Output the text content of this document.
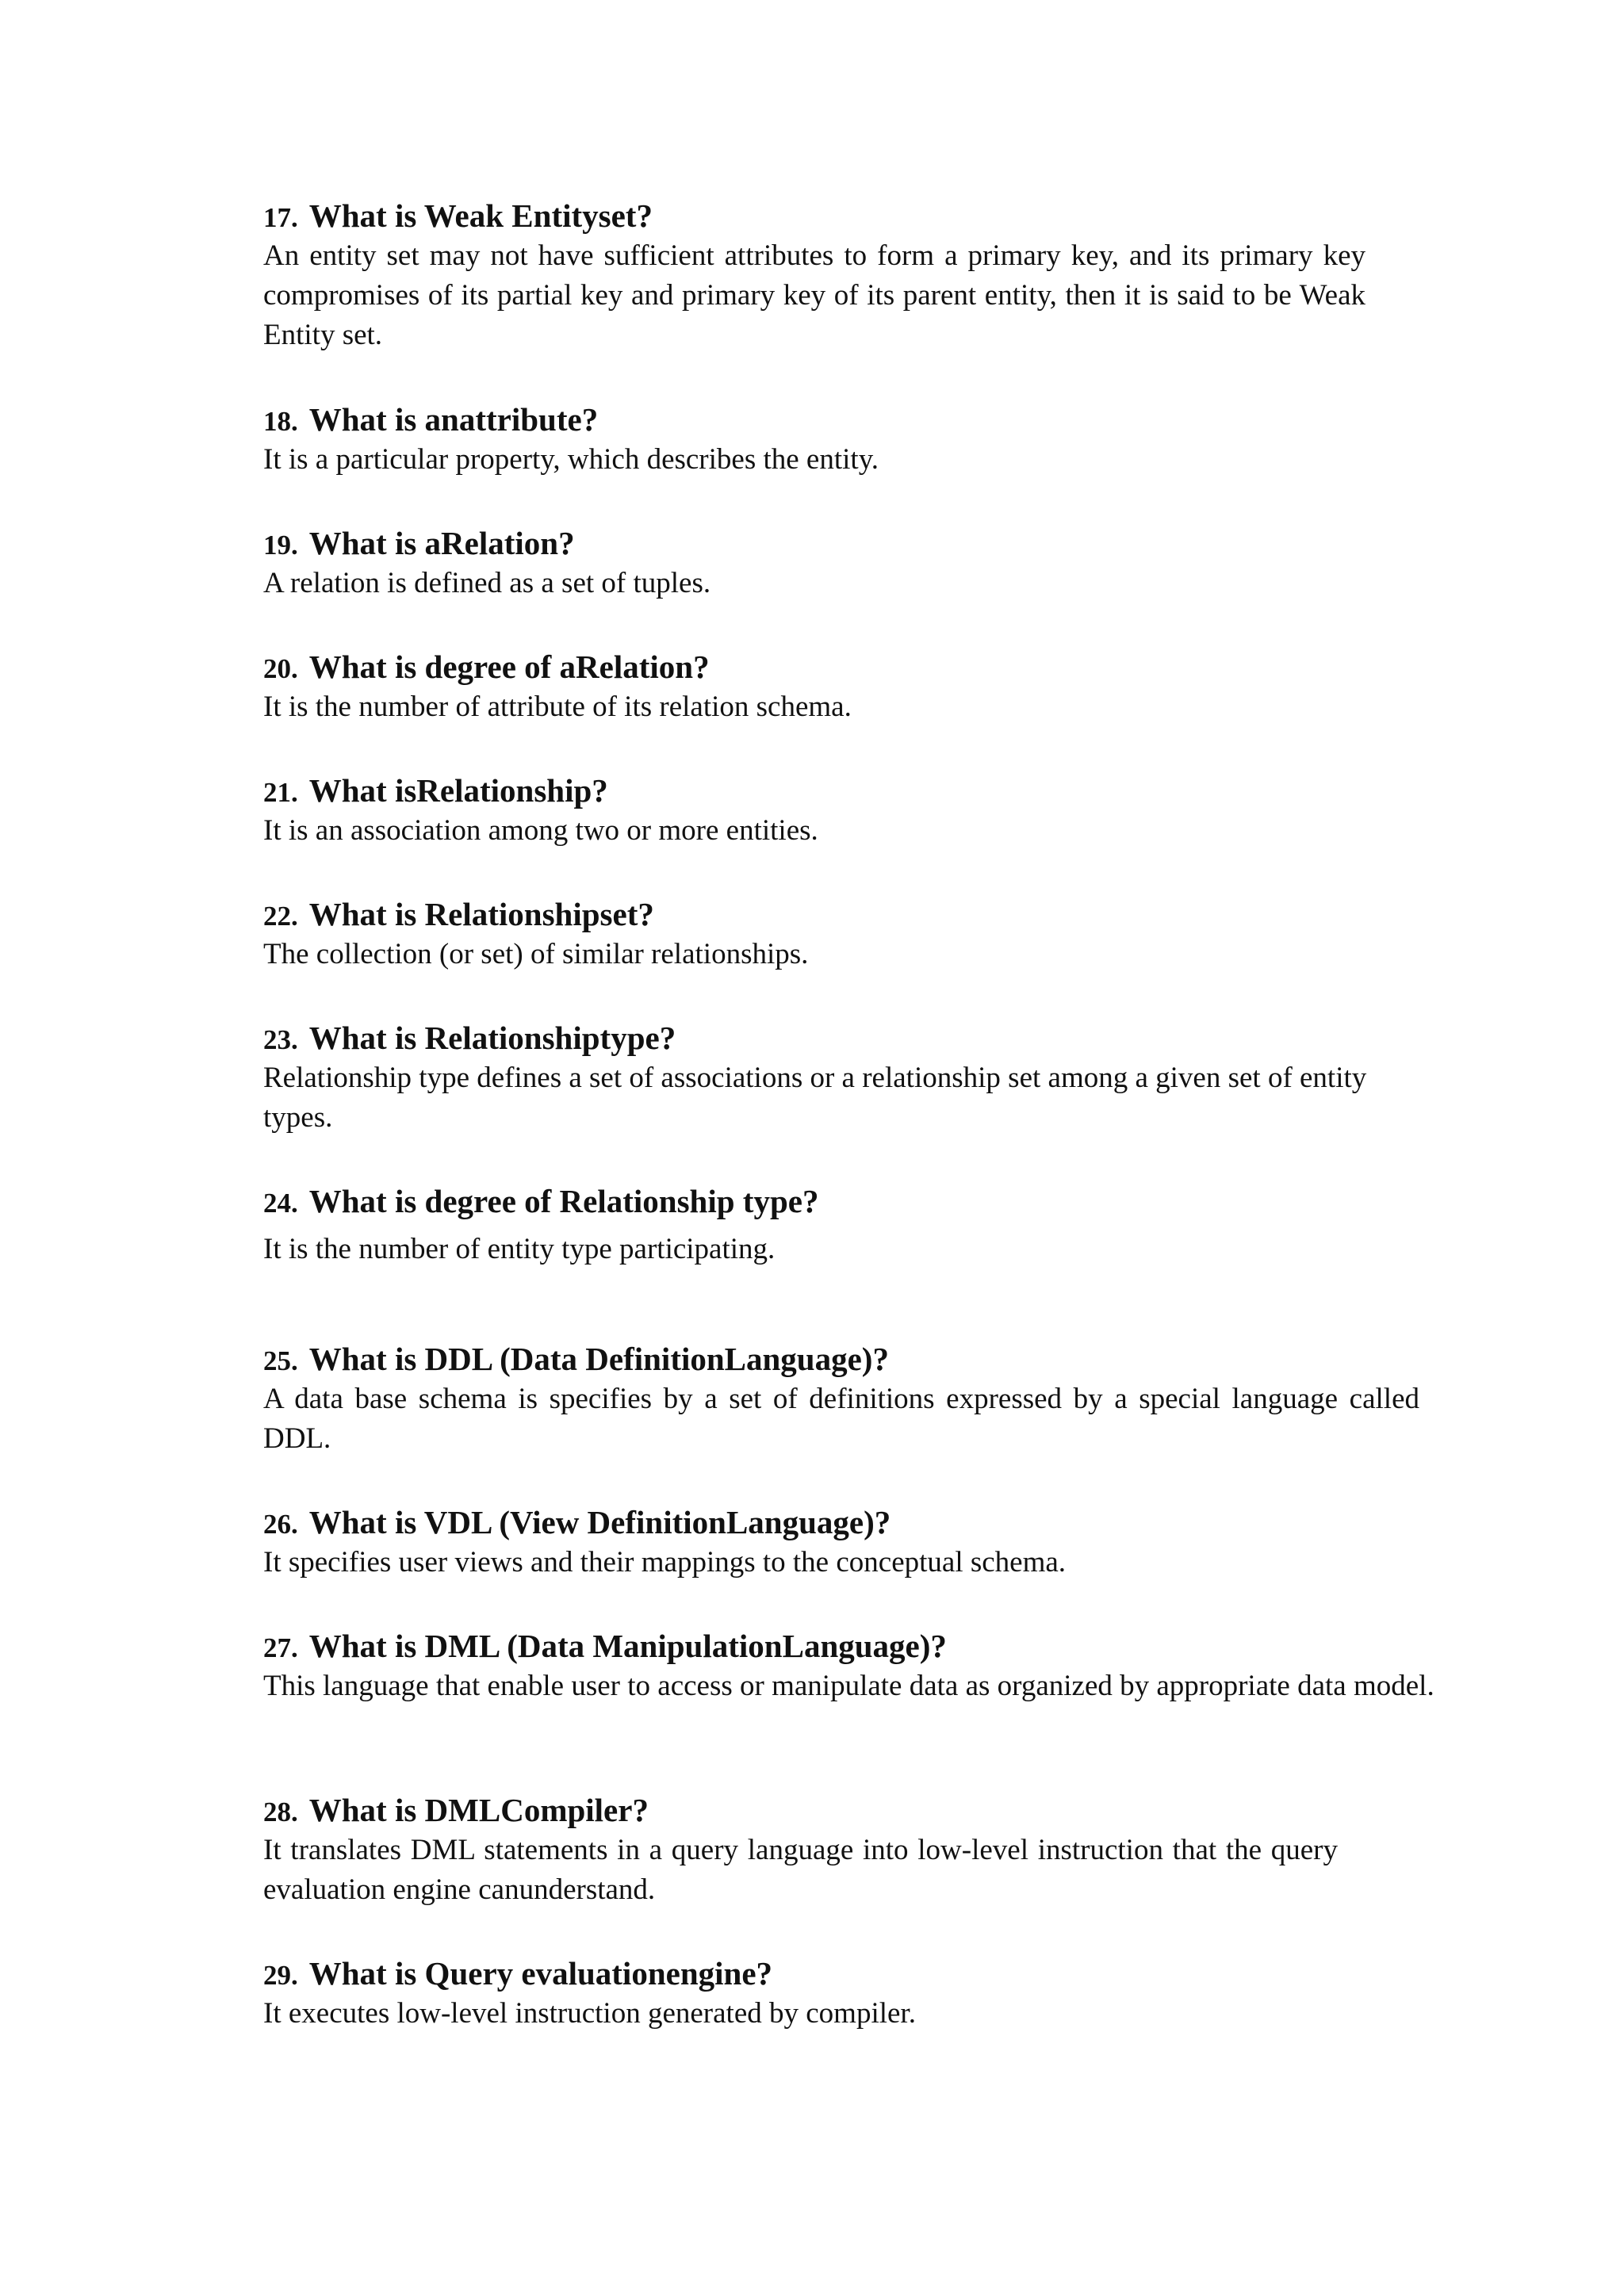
17. What is Weak Entityset?

An entity set may not have sufficient attributes to form a primary key, and its primary key compromises of its partial key and primary key of its parent entity, then it is said to be Weak Entity set.

18. What is anattribute?

It is a particular property, which describes the entity.

19. What is aRelation?

A relation is defined as a set of tuples.

20. What is degree of aRelation?

It is the number of attribute of its relation schema.

21. What isRelationship?

It is an association among two or more entities.

22. What is Relationshipset?

The collection (or set) of similar relationships.

23. What is Relationshiptype?

Relationship type defines a set of associations or a relationship set among a given set of entity types.

24. What is degree of Relationship type?

It is the number of entity type participating.

25. What is DDL (Data DefinitionLanguage)?

A data base schema is specifies by a set of definitions expressed by a special language called DDL.

26. What is VDL (View DefinitionLanguage)?

It specifies user views and their mappings to the conceptual schema.

27. What is DML (Data ManipulationLanguage)?

This language that enable user to access or manipulate data as organized by appropriate data model.

28. What is DMLCompiler?

It translates DML statements in a query language into low-level instruction that the query evaluation engine canunderstand.

29. What is Query evaluationengine?

It executes low-level instruction generated by compiler.
